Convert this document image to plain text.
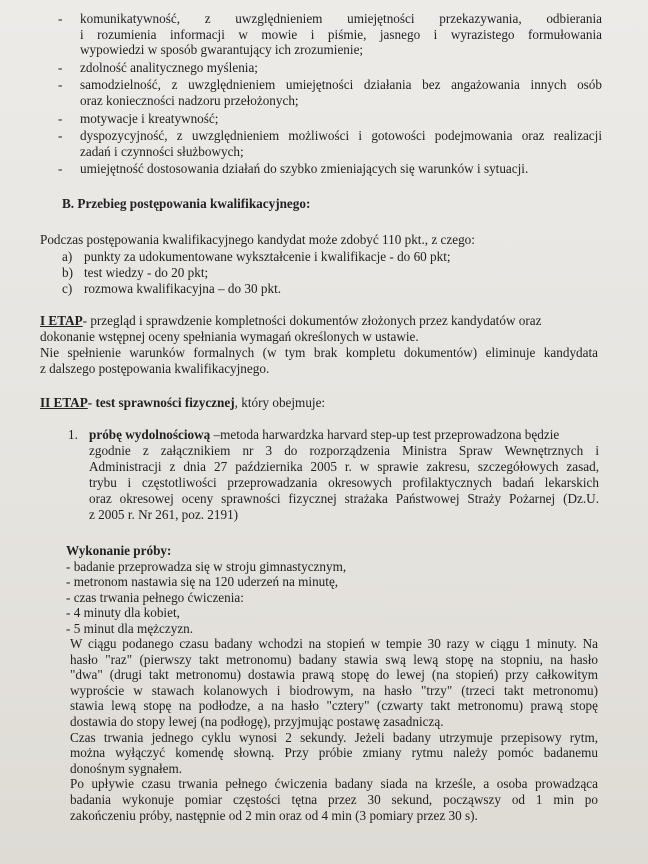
- komunikatywność, z uwzględnieniem umiejętności przekazywania, odbierania
i rozumienia informacji w mowie i piśmie, jasnego i wyrazistego formułowania
wypowiedzi w sposób gwarantujący ich zrozumienie;
- zdolność analitycznego myślenia;
- samodzielność, z uwzględnieniem umiejętności działania bez angażowania innych osób
oraz konieczności nadzoru przełożonych;
- motywacje i kreatywność;
- dyspozycyjność, z uwzględnieniem możliwości i gotowości podejmowania oraz realizacji
zadań i czynności służbowych;
- umiejętność dostosowania działań do szybko zmieniających się warunków i sytuacji.
B. Przebieg postępowania kwalifikacyjnego:
Podczas postępowania kwalifikacyjnego kandydat może zdobyć 110 pkt., z czego:
a) punkty za udokumentowane wykształcenie i kwalifikacje - do 60 pkt;
b) test wiedzy - do 20 pkt;
c) rozmowa kwalifikacyjna – do 30 pkt.
I ETAP- przegląd i sprawdzenie kompletności dokumentów złożonych przez kandydatów oraz
dokonanie wstępnej oceny spełniania wymagań określonych w ustawie.
Nie spełnienie warunków formalnych (w tym brak kompletu dokumentów) eliminuje kandydata
z dalszego postępowania kwalifikacyjnego.
II ETAP- test sprawności fizycznej, który obejmuje:
1. próbę wydolnościową –metoda harwardzka harvard step-up test przeprowadzona będzie
zgodnie z załącznikiem nr 3 do rozporządzenia Ministra Spraw Wewnętrznych i
Administracji z dnia 27 października 2005 r. w sprawie zakresu, szczegółowych zasad,
trybu i częstotliwości przeprowadzania okresowych profilaktycznych badań lekarskich
oraz okresowej oceny sprawności fizycznej strażaka Państwowej Straży Pożarnej (Dz.U.
z 2005 r. Nr 261, poz. 2191)
Wykonanie próby:
- badanie przeprowadza się w stroju gimnastycznym,
- metronom nastawia się na 120 uderzeń na minutę,
- czas trwania pełnego ćwiczenia:
- 4 minuty dla kobiet,
- 5 minut dla mężczyzn.
W ciągu podanego czasu badany wchodzi na stopień w tempie 30 razy w ciągu 1 minuty. Na
hasło "raz" (pierwszy takt metronomu) badany stawia swą lewą stopę na stopniu, na hasło
"dwa" (drugi takt metronomu) dostawia prawą stopę do lewej (na stopień) przy całkowitym
wyproście w stawach kolanowych i biodrowym, na hasło "trzy" (trzeci takt metronomu)
stawia lewą stopę na podłodze, a na hasło "cztery" (czwarty takt metronomu) prawą stopę
dostawia do stopy lewej (na podłogę), przyjmując postawę zasadniczą.
Czas trwania jednego cyklu wynosi 2 sekundy. Jeżeli badany utrzymuje przepisowy rytm,
można wyłączyć komendę słowną. Przy próbie zmiany rytmu należy pomóc badanemu
donośnym sygnałem.
Po upływie czasu trwania pełnego ćwiczenia badany siada na krześle, a osoba prowadząca
badania wykonuje pomiar częstości tętna przez 30 sekund, począwszy od 1 min po
zakończeniu próby, następnie od 2 min oraz od 4 min (3 pomiary przez 30 s).
